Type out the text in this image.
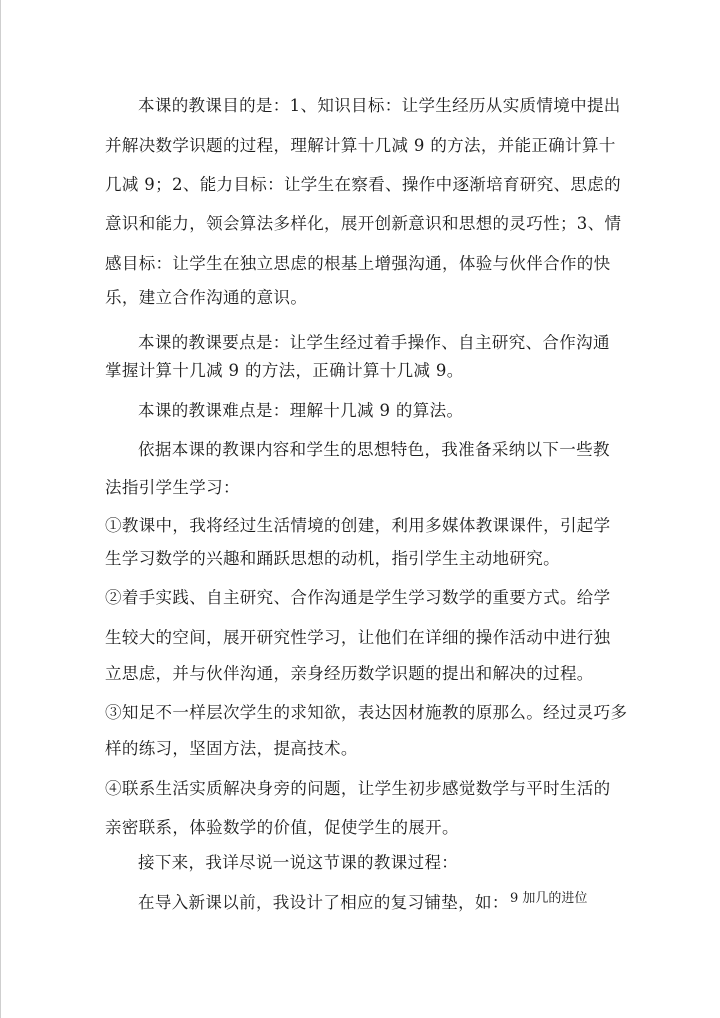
本课的教课目的是：1、知识目标：让学生经历从实质情境中提出
并解决数学识题的过程，理解计算十几减 9 的方法，并能正确计算十
几减 9；2、能力目标：让学生在察看、操作中逐渐培育研究、思虑的
意识和能力，领会算法多样化，展开创新意识和思想的灵巧性；3、情
感目标：让学生在独立思虑的根基上增强沟通，体验与伙伴合作的快
乐，建立合作沟通的意识。
本课的教课要点是：让学生经过着手操作、自主研究、合作沟通
掌握计算十几减 9 的方法，正确计算十几减 9。
本课的教课难点是：理解十几减 9 的算法。
依据本课的教课内容和学生的思想特色，我准备采纳以下一些教
法指引学生学习：
①教课中，我将经过生活情境的创建，利用多媒体教课课件，引起学
生学习数学的兴趣和踊跃思想的动机，指引学生主动地研究。
②着手实践、自主研究、合作沟通是学生学习数学的重要方式。给学
生较大的空间，展开研究性学习，让他们在详细的操作活动中进行独
立思虑，并与伙伴沟通，亲身经历数学识题的提出和解决的过程。
③知足不一样层次学生的求知欲，表达因材施教的原那么。经过灵巧多
样的练习，坚固方法，提高技术。
④联系生活实质解决身旁的问题，让学生初步感觉数学与平时生活的
亲密联系，体验数学的价值，促使学生的展开。
接下来，我详尽说一说这节课的教课过程：
在导入新课以前，我设计了相应的复习铺垫，如： 9 加几的进位
